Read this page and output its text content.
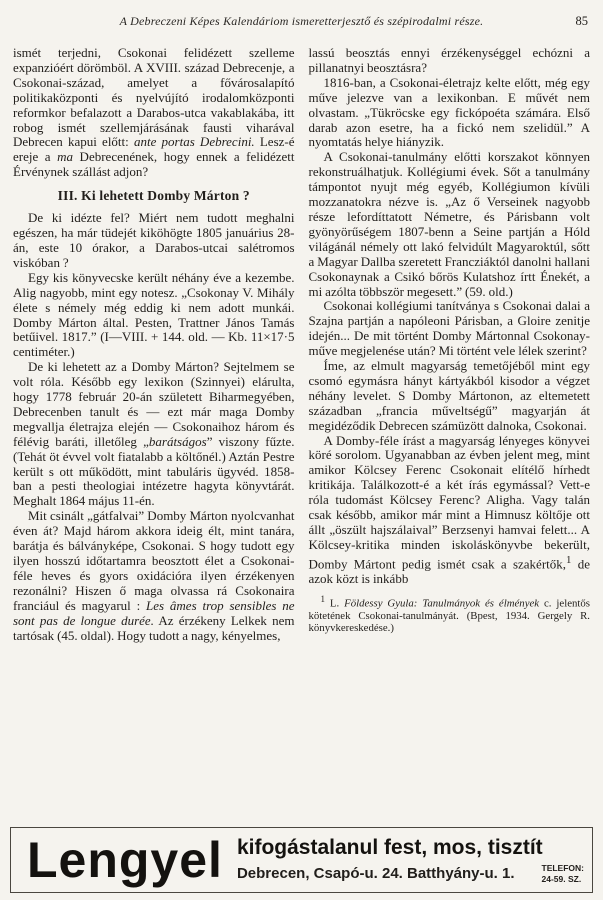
A Debreczeni Képes Kalendáriom ismeretterjesztő és szépirodalmi része.	85

ismét terjedni, Csokonai felidézett szelleme expanzióért dörömböl. A XVIII. század Debrecenje, a Csokonai-század, amelyet a fővárosalapító politikaközponti és nyelvújító irodalomközponti reformkor befalazott a Darabos-utca vakablakába, itt robog ismét szellemjárásának fausti viharával Debrecen kapui előtt: ante portas Debrecini. Lesz-é ereje a ma Debrecenének, hogy ennek a felidézett Érvénynek szállást adjon?

III. Ki lehetett Domby Márton ?

De ki idézte fel? Miért nem tudott meghalni egészen, ha már tüdejét kiköhögte 1805 januárius 28-án, este 10 órakor, a Darabos-utcai salétromos viskóban ?

Egy kis könyvecske került néhány éve a kezembe. Alig nagyobb, mint egy notesz. „Csokonay V. Mihály élete s némely még eddig ki nem adott munkái. Domby Márton által. Pesten, Trattner János Tamás betűivel. 1817.” (I—VIII. + 144. old. — Kb. 11×17·5 centiméter.)

De ki lehetett az a Domby Márton? Sejtelmem se volt róla. Később egy lexikon (Szinnyei) elárulta, hogy 1778 február 20-án született Biharmegyében, Debrecenben tanult és — ezt már maga Domby megvallja életrajza elején — Csokonaihoz három és félévig baráti, illetőleg „barátságos” viszony fűzte. (Tehát öt évvel volt fiatalabb a költőnél.) Aztán Pestre került s ott működött, mint tabuláris ügyvéd. 1858-ban a pesti theologiai intézetre hagyta könyvtárát. Meghalt 1864 május 11-én.

Mit csinált „gátfalvai” Domby Márton nyolcvanhat éven át? Majd három akkora ideig élt, mint tanára, barátja és bálványképe, Csokonai. S hogy tudott egy ilyen hosszú időtartamra beosztott élet a Csokonai-féle heves és gyors oxidációra ilyen érzékenyen rezonálni? Hiszen ő maga olvassa rá Csokonaira franciául és magyarul : Les âmes trop sensibles ne sont pas de longue durée. Az érzékeny Lelkek nem tartósak (45. oldal). Hogy tudott a nagy, kényelmes,

lassú beosztás ennyi érzékenységgel echózni a pillanatnyi beosztásra?

1816-ban, a Csokonai-életrajz kelte előtt, még egy műve jelezve van a lexikonban. E művét nem olvastam. „Tükröcske egy fickópoéta számára. Első darab azon esetre, ha a fickó nem szelidül.” A nyomtatás helye hiányzik.

A Csokonai-tanulmány előtti korszakot könnyen rekonstruálhatjuk. Kollégiumi évek. Sőt a tanulmány támpontot nyujt még egyéb, Kollégiumon kívüli mozzanatokra nézve is. „Az ő Verseinek nagyobb része lefordíttatott Németre, és Párisbann volt gyönyörűségem 1807-benn a Seine partján a Hóld világánál némely ott lakó felvidúlt Magyaroktúl, sőtt a Magyar Dallba szeretett Francziáktól danolni hallani Csokonaynak a Csikó bőrös Kulatshoz írtt Énekét, a mi azólta többször megesett.” (59. old.)

Csokonai kollégiumi tanítványa s Csokonai dalai a Szajna partján a napóleoni Párisban, a Gloire zenitje idején... De mit történt Domby Mártonnal Csokonay-műve megjelenése után? Mi történt vele lélek szerint?

Íme, az elmult magyarság temetőjéből mint egy csomó egymásra hányt kártyákból kisodor a végzet néhány levelet. S Domby Mártonon, az eltemetett században „francia műveltségű” magyarján át megidéződik Debrecen számüzött dalnoka, Csokonai.

A Domby-féle írást a magyarság lényeges könyvei köré sorolom. Ugyanabban az évben jelent meg, mint amikor Kölcsey Ferenc Csokonait elítélő hírhedt kritikája. Találkozott-é a két írás egymással? Vett-e róla tudomást Kölcsey Ferenc? Aligha. Vagy talán csak később, amikor már mint a Himnusz költője ott állt „öszült hajszálaival” Berzsenyi hamvai felett... A Kölcsey-kritika minden iskoláskönyvbe bekerült, Domby Mártont pedig ismét csak a szakértők,$^1$ de azok közt is inkább

$^1$ L. Földessy Gyula: Tanulmányok és élmények c. jelentős kötetének Csokonai-tanulmányát. (Bpest, 1934. Gergely R. könyvkereskedése.)

Lengyel kifogástalanul fest, mos, tisztít
Debrecen, Csapó-u. 24. Batthyány-u. 1.	TELEFON:
24-59. SZ.
